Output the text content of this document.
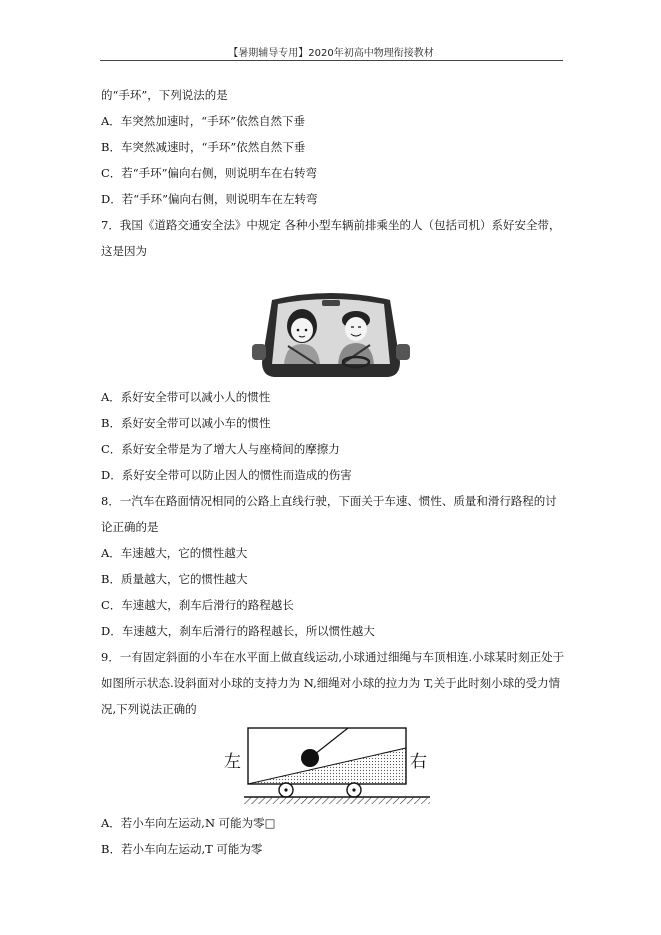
【暑期辅导专用】2020年初高中物理衔接教材
的“手环”，下列说法的是
A．车突然加速时，“手环”依然自然下垂
B．车突然减速时，“手环”依然自然下垂
C．若“手环”偏向右侧，则说明车在右转弯
D．若“手环”偏向右侧，则说明车在左转弯
7．我国《道路交通安全法》中规定 各种小型车辆前排乘坐的人（包括司机）系好安全带，
这是因为
A．系好安全带可以减小人的惯性
B．系好安全带可以减小车的惯性
C．系好安全带是为了增大人与座椅间的摩擦力
D．系好安全带可以防止因人的惯性而造成的伤害
8．一汽车在路面情况相同的公路上直线行驶，下面关于车速、惯性、质量和滑行路程的讨
论正确的是
A．车速越大，它的惯性越大
B．质量越大，它的惯性越大
C．车速越大，刹车后滑行的路程越长
D．车速越大，刹车后滑行的路程越长，所以惯性越大
9．一有固定斜面的小车在水平面上做直线运动,小球通过细绳与车顶相连.小球某时刻正处于
如图所示状态.设斜面对小球的支持力为 N,细绳对小球的拉力为 T,关于此时刻小球的受力情
况,下列说法正确的
左	右
A．若小车向左运动,N 可能为零□
B．若小车向左运动,T 可能为零
